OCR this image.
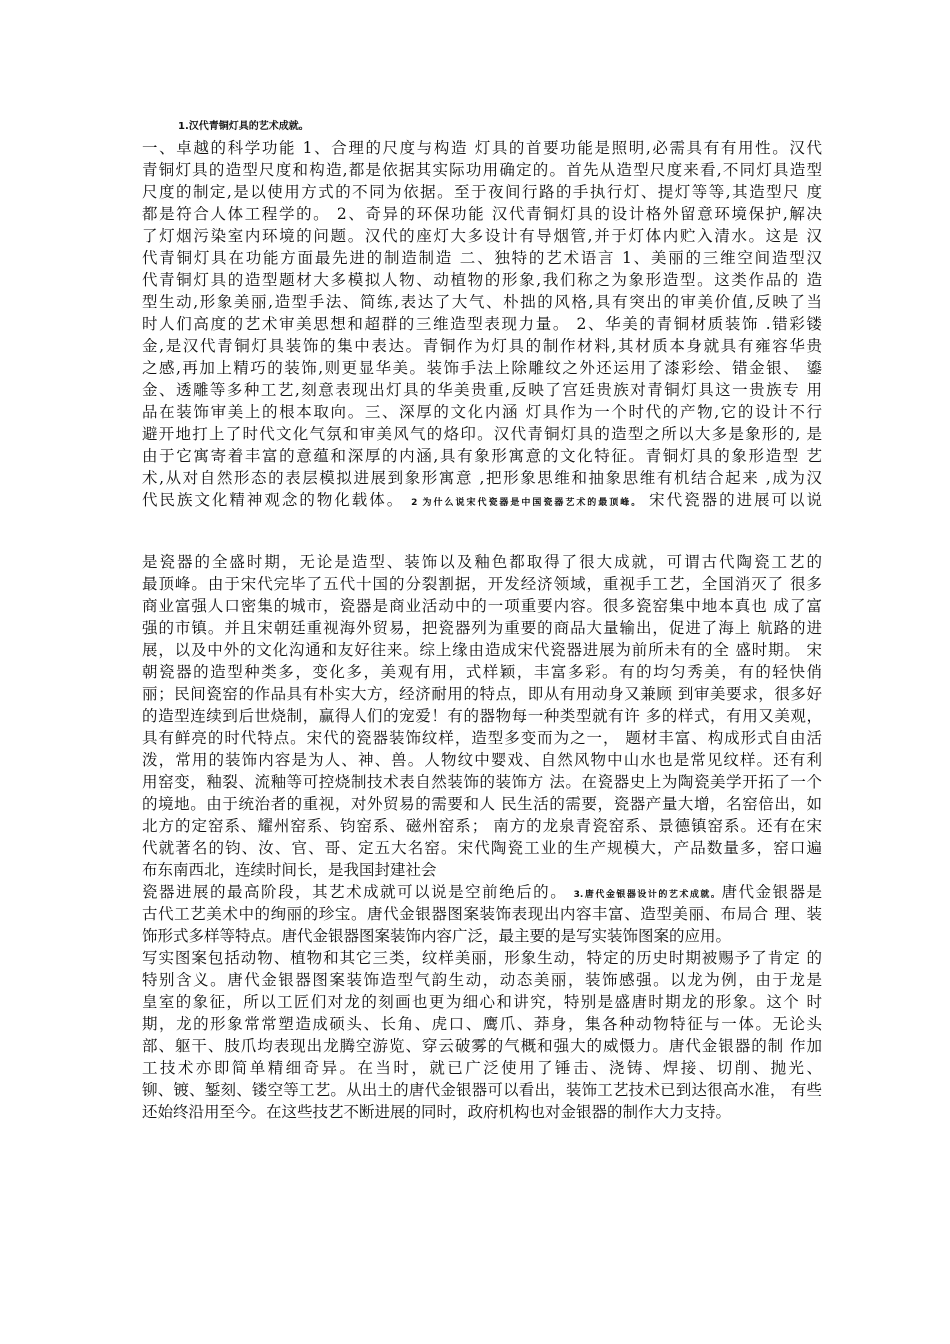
1.汉代青铜灯具的艺术成就。
一、卓越的科学功能 1、合理的尺度与构造 灯具的首要功能是照明,必需具有有用性。汉代
青铜灯具的造型尺度和构造,都是依据其实际功用确定的。首先从造型尺度来看,不同灯具造型
尺度的制定,是以使用方式的不同为依据。至于夜间行路的手执行灯、提灯等等,其造型尺 度
都是符合人体工程学的。 2、奇异的环保功能 汉代青铜灯具的设计格外留意环境保护,解决
了灯烟污染室内环境的问题。汉代的座灯大多设计有导烟管,并于灯体内贮入清水。这是 汉
代青铜灯具在功能方面最先进的制造制造 二、独特的艺术语言 1、美丽的三维空间造型汉
代青铜灯具的造型题材大多模拟人物、动植物的形象,我们称之为象形造型。这类作品的 造
型生动,形象美丽,造型手法、简练,表达了大气、朴拙的风格,具有突出的审美价值,反映了当
时人们高度的艺术审美思想和超群的三维造型表现力量。 2、华美的青铜材质装饰 .错彩镂
金,是汉代青铜灯具装饰的集中表达。青铜作为灯具的制作材料,其材质本身就具有雍容华贵
之感,再加上精巧的装饰,则更显华美。装饰手法上除雕纹之外还运用了漆彩绘、错金银、 鎏
金、透雕等多种工艺,刻意表现出灯具的华美贵重,反映了宫廷贵族对青铜灯具这一贵族专 用
品在装饰审美上的根本取向。三、深厚的文化内涵 灯具作为一个时代的产物,它的设计不行
避开地打上了时代文化气氛和审美风气的烙印。汉代青铜灯具的造型之所以大多是象形的, 是
由于它寓寄着丰富的意蕴和深厚的内涵,具有象形寓意的文化特征。青铜灯具的象形造型 艺
术,从对自然形态的表层模拟进展到象形寓意 ,把形象思维和抽象思维有机结合起来 ,成为汉
代民族文化精神观念的物化载体。 2 为什么说宋代瓷器是中国瓷器艺术的最顶峰。 宋代瓷器的进展可以说
是瓷器的全盛时期，无论是造型、装饰以及釉色都取得了很大成就，可谓古代陶瓷工艺的
最顶峰。由于宋代完毕了五代十国的分裂割据，开发经济领域，重视手工艺，全国消灭了 很多
商业富强人口密集的城市，瓷器是商业活动中的一项重要内容。很多瓷窑集中地本真也 成了富
强的市镇。并且宋朝廷重视海外贸易，把瓷器列为重要的商品大量输出，促进了海上 航路的进
展，以及中外的文化沟通和友好往来。综上缘由造成宋代瓷器进展为前所未有的全 盛时期。 宋
朝瓷器的造型种类多，变化多，美观有用，式样颖，丰富多彩。有的均匀秀美，有的轻快俏
丽；民间瓷窑的作品具有朴实大方，经济耐用的特点，即从有用动身又兼顾 到审美要求，很多好
的造型连续到后世烧制，赢得人们的宠爱！有的器物每一种类型就有许 多的样式，有用又美观，
具有鲜亮的时代特点。宋代的瓷器装饰纹样，造型多变而为之一， 题材丰富、构成形式自由活
泼，常用的装饰内容是为人、神、兽。人物纹中婴戏、自然风物中山水也是常见纹样。还有利
用窑变，釉裂、流釉等可控烧制技术表自然装饰的装饰方 法。在瓷器史上为陶瓷美学开拓了一个
的境地。由于统治者的重视，对外贸易的需要和人 民生活的需要，瓷器产量大增，名窑倍出，如
北方的定窑系、耀州窑系、钧窑系、磁州窑系； 南方的龙泉青瓷窑系、景德镇窑系。还有在宋
代就著名的钧、汝、官、哥、定五大名窑。宋代陶瓷工业的生产规模大，产品数量多，窑口遍
布东南西北，连续时间长，是我国封建社会
瓷器进展的最高阶段，其艺术成就可以说是空前绝后的。 3.唐代金银器设计的艺术成就。唐代金银器是
古代工艺美术中的绚丽的珍宝。唐代金银器图案装饰表现出内容丰富、造型美丽、布局合 理、装
饰形式多样等特点。唐代金银器图案装饰内容广泛，最主要的是写实装饰图案的应用。
写实图案包括动物、植物和其它三类，纹样美丽，形象生动，特定的历史时期被赐予了肯定 的
特别含义。唐代金银器图案装饰造型气韵生动，动态美丽，装饰感强。以龙为例，由于龙是
皇室的象征，所以工匠们对龙的刻画也更为细心和讲究，特别是盛唐时期龙的形象。这个 时
期，龙的形象常常塑造成硕头、长角、虎口、鹰爪、莽身，集各种动物特征与一体。无论头
部、躯干、肢爪均表现出龙腾空游览、穿云破雾的气概和强大的威慑力。唐代金银器的制 作加
工技术亦即简单精细奇异。在当时，就已广泛使用了锤击、浇铸、焊接、切削、抛光、
铆、镀、錾刻、镂空等工艺。从出土的唐代金银器可以看出，装饰工艺技术已到达很高水准， 有些
还始终沿用至今。在这些技艺不断进展的同时，政府机构也对金银器的制作大力支持。
